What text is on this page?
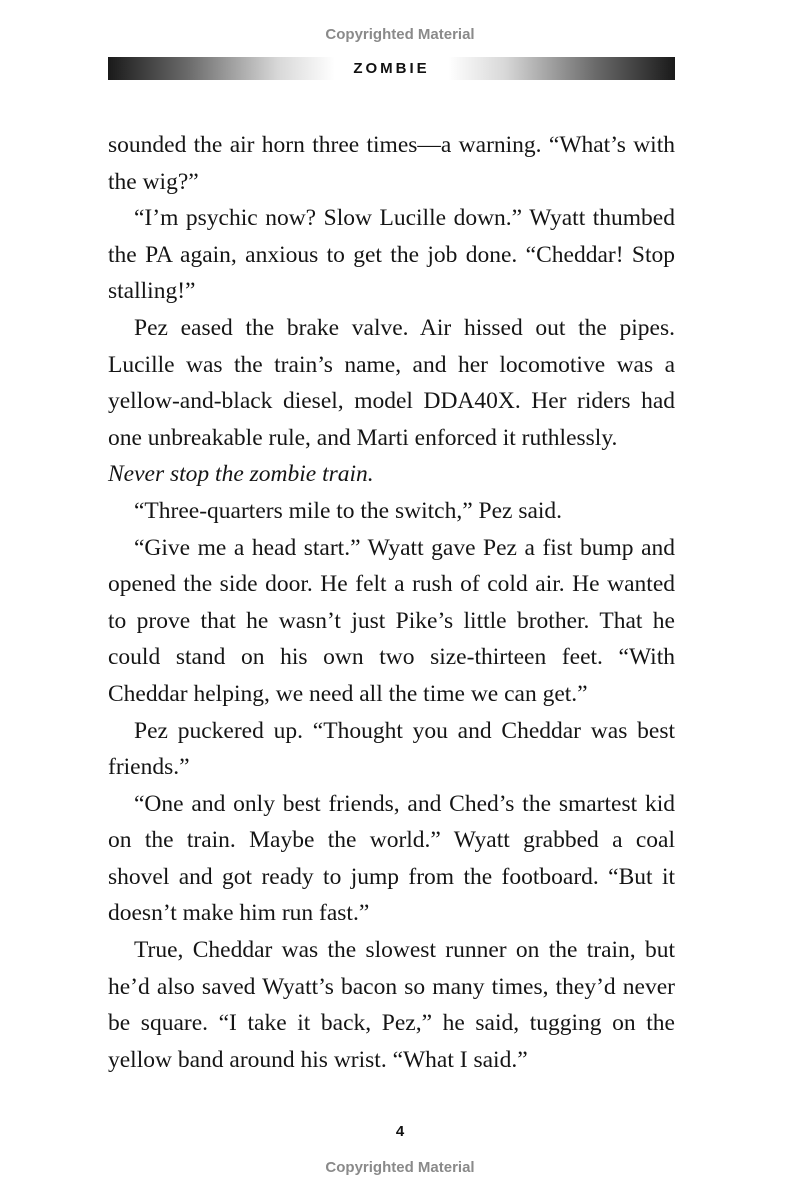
Copyrighted Material
ZOMBIE

sounded the air horn three times—a warning. “What’s with the wig?”

“I’m psychic now? Slow Lucille down.” Wyatt thumbed the PA again, anxious to get the job done. “Cheddar! Stop stalling!”

Pez eased the brake valve. Air hissed out the pipes. Lucille was the train’s name, and her locomotive was a yellow-and-black diesel, model DDA40X. Her riders had one unbreakable rule, and Marti enforced it ruthlessly.

Never stop the zombie train.

“Three-quarters mile to the switch,” Pez said.

“Give me a head start.” Wyatt gave Pez a fist bump and opened the side door. He felt a rush of cold air. He wanted to prove that he wasn’t just Pike’s little brother. That he could stand on his own two size-thirteen feet. “With Cheddar helping, we need all the time we can get.”

Pez puckered up. “Thought you and Cheddar was best friends.”

“One and only best friends, and Ched’s the smartest kid on the train. Maybe the world.” Wyatt grabbed a coal shovel and got ready to jump from the footboard. “But it doesn’t make him run fast.”

True, Cheddar was the slowest runner on the train, but he’d also saved Wyatt’s bacon so many times, they’d never be square. “I take it back, Pez,” he said, tugging on the yellow band around his wrist. “What I said.”

4
Copyrighted Material
